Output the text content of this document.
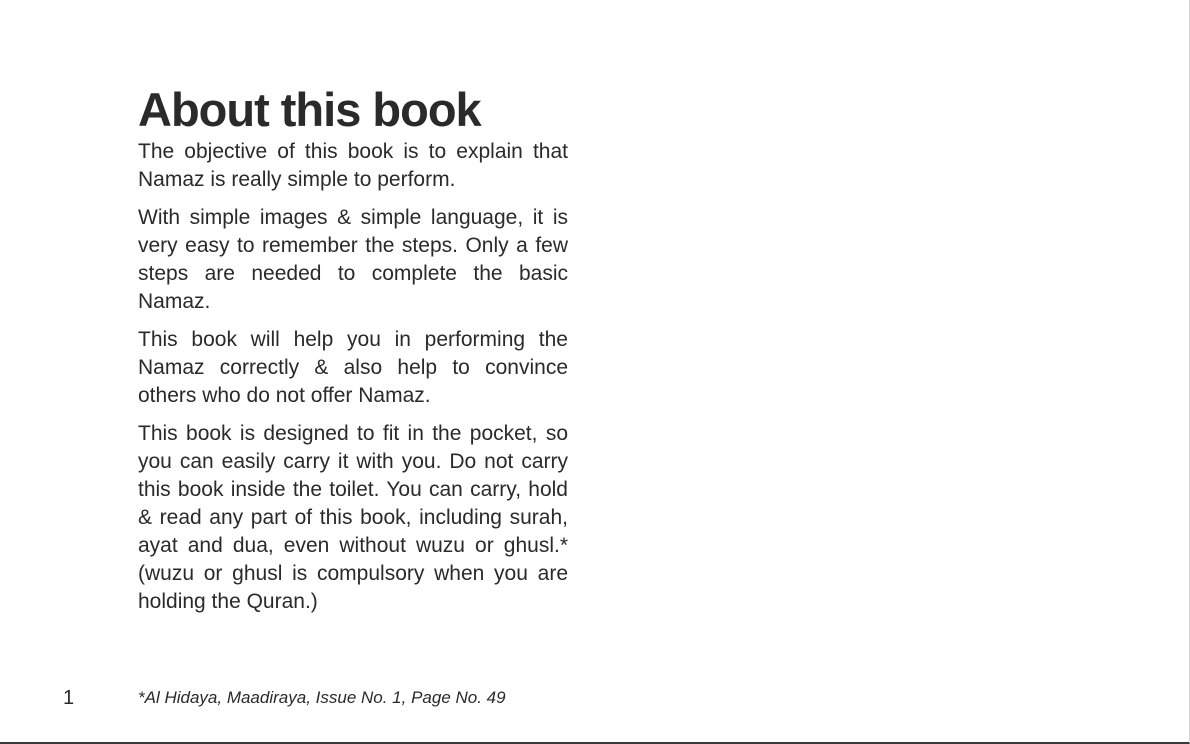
About this book

The objective of this book is to explain that Namaz is really simple to perform.

With simple images & simple language, it is very easy to remember the steps. Only a few steps are needed to complete the basic Namaz.

This book will help you in performing the Namaz correctly & also help to convince others who do not offer Namaz.

This book is designed to fit in the pocket, so you can easily carry it with you. Do not carry this book inside the toilet. You can carry, hold & read any part of this book, including surah, ayat and dua, even without wuzu or ghusl.* (wuzu or ghusl is compulsory when you are holding the Quran.)

1	*Al Hidaya, Maadiraya, Issue No. 1, Page No. 49
